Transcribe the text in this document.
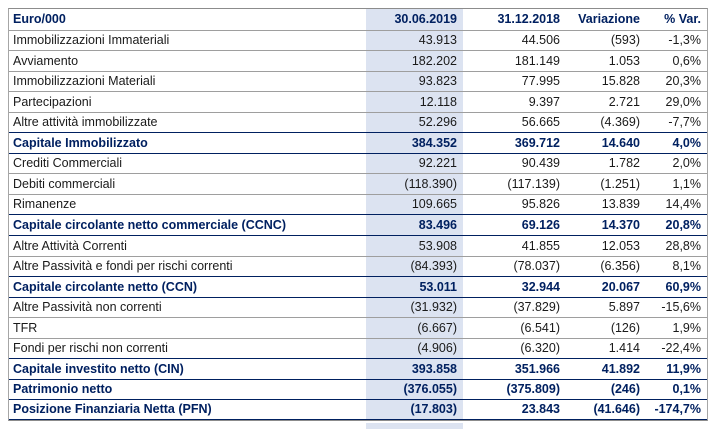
Euro/000	30.06.2019	31.12.2018	Variazione	% Var.
Immobilizzazioni Immateriali	43.913	44.506	(593)	-1,3%
Avviamento	182.202	181.149	1.053	0,6%
Immobilizzazioni Materiali	93.823	77.995	15.828	20,3%
Partecipazioni	12.118	9.397	2.721	29,0%
Altre attività immobilizzate	52.296	56.665	(4.369)	-7,7%
Capitale Immobilizzato	384.352	369.712	14.640	4,0%
Crediti Commerciali	92.221	90.439	1.782	2,0%
Debiti commerciali	(118.390)	(117.139)	(1.251)	1,1%
Rimanenze	109.665	95.826	13.839	14,4%
Capitale circolante netto commerciale (CCNC)	83.496	69.126	14.370	20,8%
Altre Attività Correnti	53.908	41.855	12.053	28,8%
Altre Passività e fondi per rischi correnti	(84.393)	(78.037)	(6.356)	8,1%
Capitale circolante netto (CCN)	53.011	32.944	20.067	60,9%
Altre Passività non correnti	(31.932)	(37.829)	5.897	-15,6%
TFR	(6.667)	(6.541)	(126)	1,9%
Fondi per rischi non correnti	(4.906)	(6.320)	1.414	-22,4%
Capitale investito netto (CIN)	393.858	351.966	41.892	11,9%
Patrimonio netto	(376.055)	(375.809)	(246)	0,1%
Posizione Finanziaria Netta (PFN)	(17.803)	23.843	(41.646)	-174,7%
